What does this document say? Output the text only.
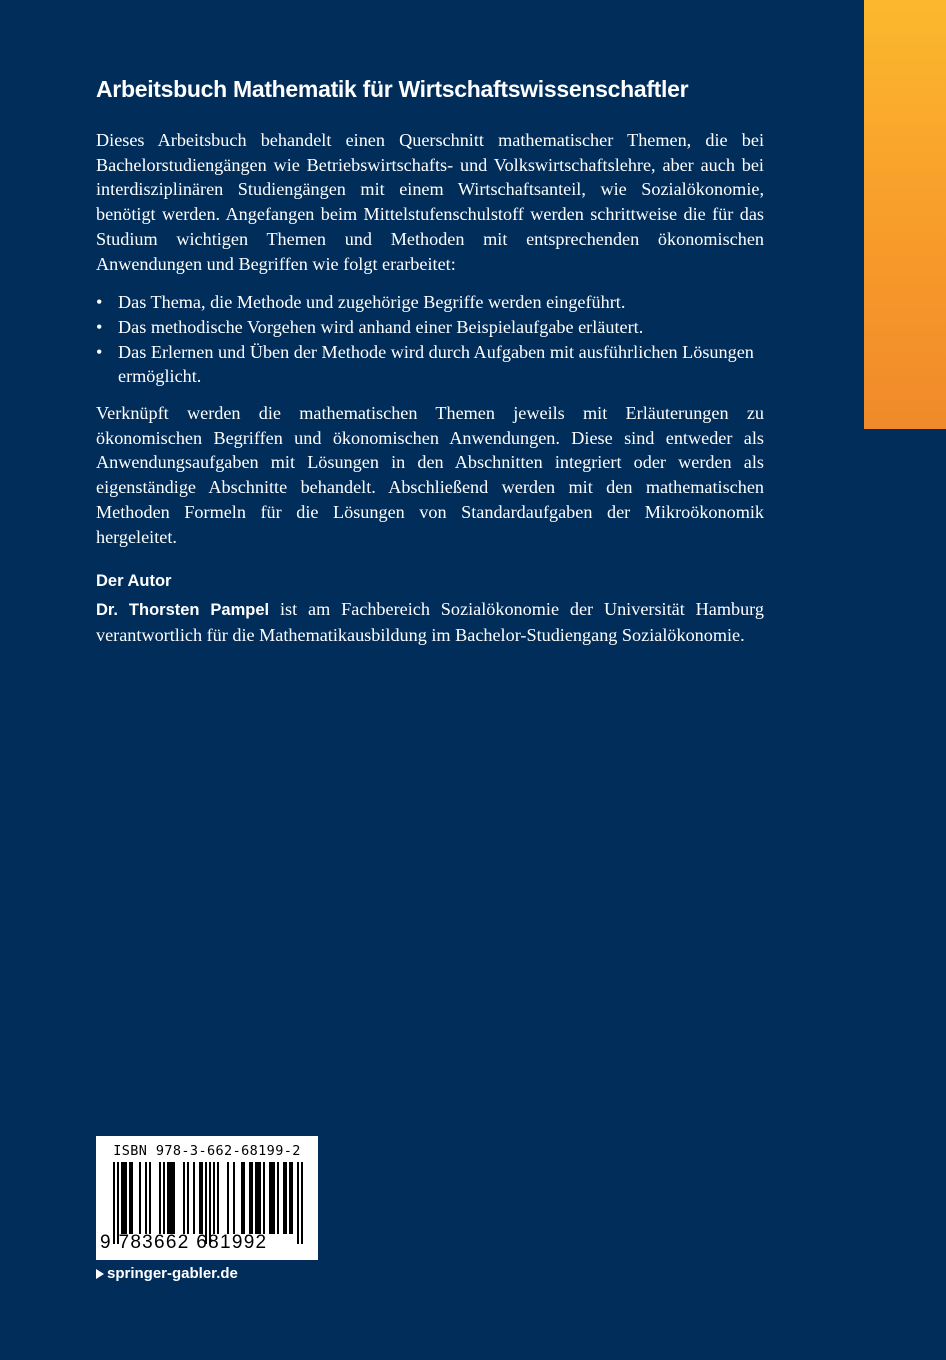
Arbeitsbuch Mathematik für Wirtschaftswissenschaftler

Dieses Arbeitsbuch behandelt einen Querschnitt mathematischer Themen, die bei Bachelorstudiengängen wie Betriebswirtschafts- und Volkswirtschaftslehre, aber auch bei interdisziplinären Studiengängen mit einem Wirtschaftsanteil, wie Sozialökonomie, benötigt werden. Angefangen beim Mittelstufenschulstoff werden schrittweise die für das Studium wichtigen Themen und Methoden mit entsprechenden ökonomischen Anwendungen und Begriffen wie folgt erarbeitet:

• Das Thema, die Methode und zugehörige Begriffe werden eingeführt.
• Das methodische Vorgehen wird anhand einer Beispielaufgabe erläutert.
• Das Erlernen und Üben der Methode wird durch Aufgaben mit ausführlichen Lösungen ermöglicht.

Verknüpft werden die mathematischen Themen jeweils mit Erläuterungen zu ökonomischen Begriffen und ökonomischen Anwendungen. Diese sind entweder als Anwendungsaufgaben mit Lösungen in den Abschnitten integriert oder werden als eigenständige Abschnitte behandelt. Abschließend werden mit den mathematischen Methoden Formeln für die Lösungen von Standardaufgaben der Mikroökonomik hergeleitet.

Der Autor

Dr. Thorsten Pampel ist am Fachbereich Sozialökonomie der Universität Hamburg verantwortlich für die Mathematikausbildung im Bachelor-Studiengang Sozialökonomie.

ISBN 978-3-662-68199-2
9 783662 681992
springer-gabler.de
